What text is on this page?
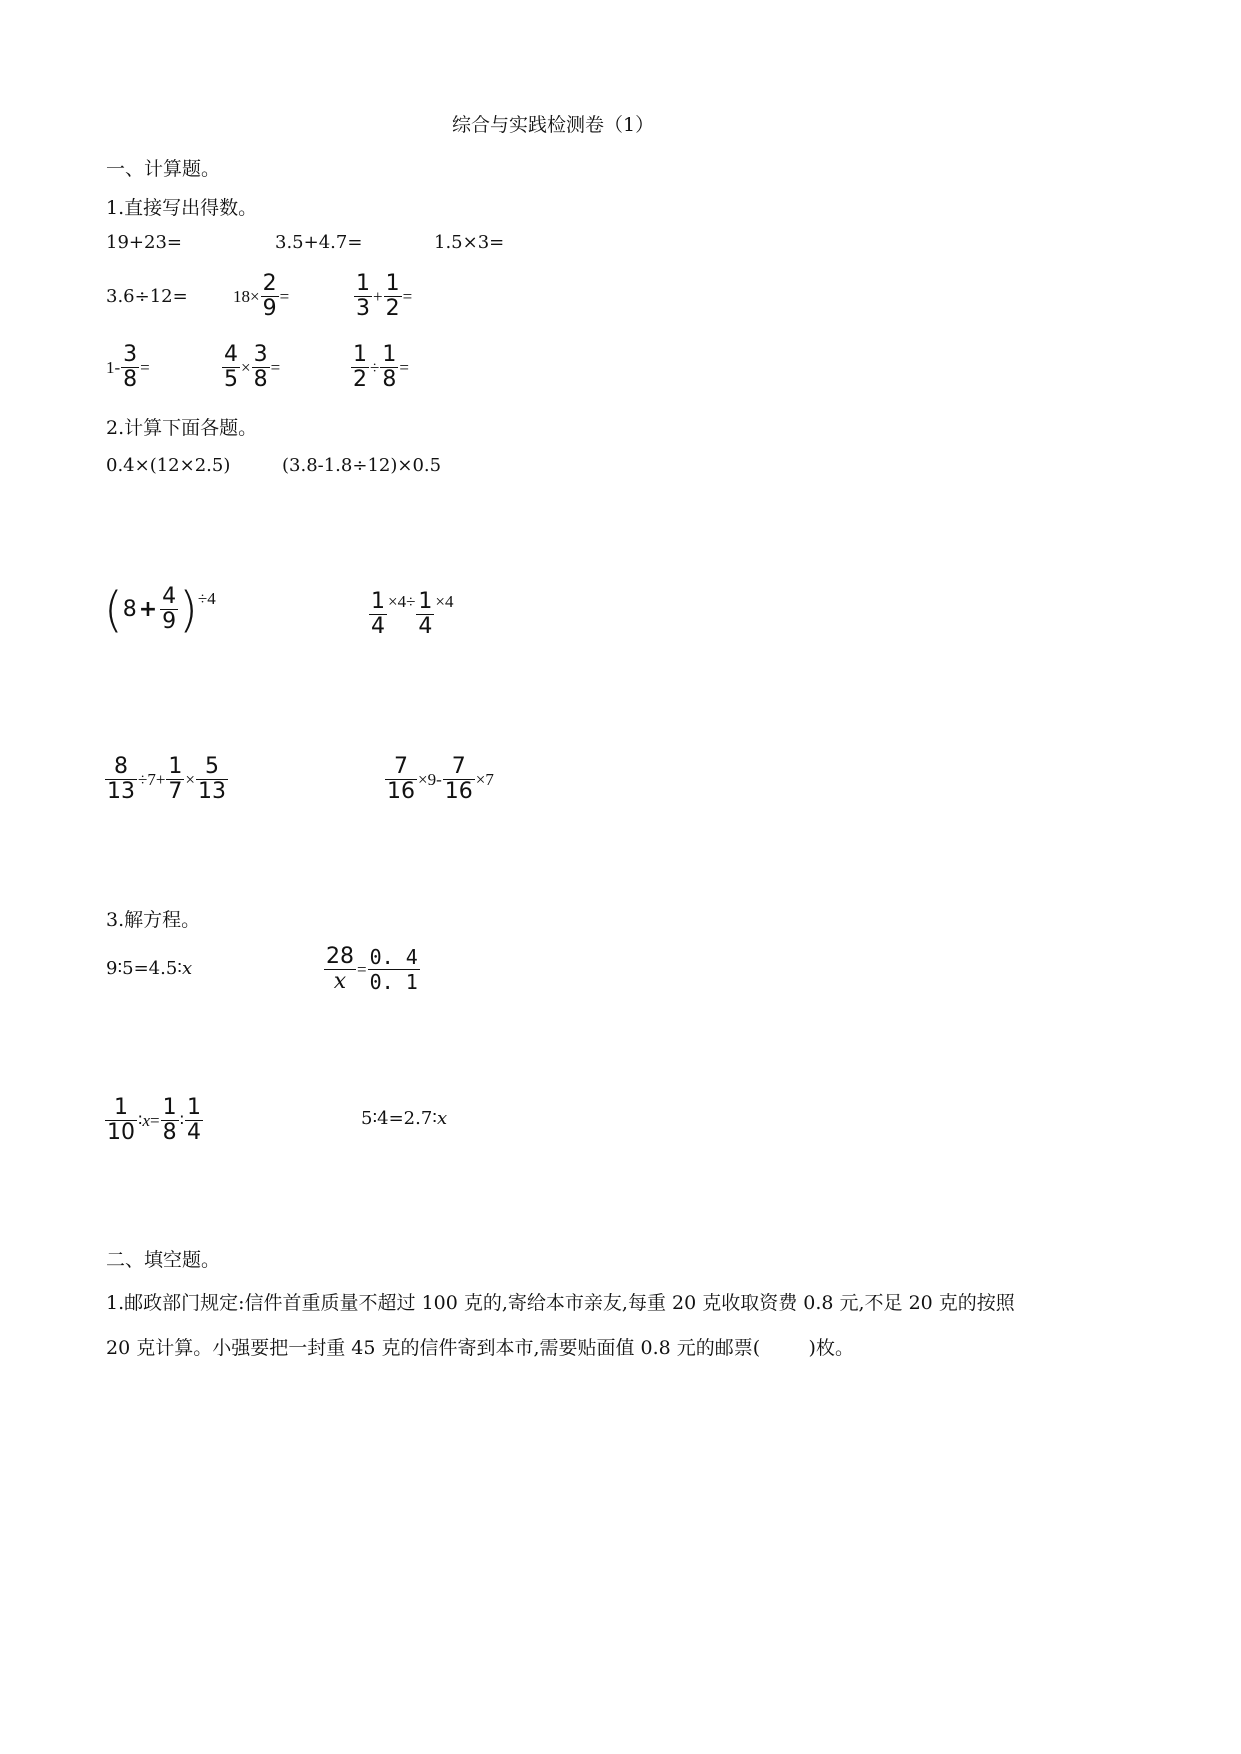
综合与实践检测卷（1）
一、计算题。
1.直接写出得数。
19+23=	3.5+4.7=	1.5×3=
3.6÷12=	$18\times \frac{2}{9}$ =	$\frac{1}{3} + \frac{1}{2}$ =
$1- \frac{3}{8}$ =	$\frac{4}{5} \times \frac{3}{8}$ =	$\frac{1}{2} \div \frac{1}{8}$ =
2.计算下面各题。
0.4×(12×2.5)	(3.8-1.8÷12)×0.5
( $8 + \frac{4}{9}$ ) ÷4	$\frac{1}{4} \times 4\div \frac{1}{4} \times 4$
$\frac{8}{13} \div 7+ \frac{1}{7} \times \frac{5}{13}$	$\frac{7}{16} \times 9- \frac{7}{16} \times 7$
3.解方程。
9∶5=4.5∶x	$\frac{28}{x} = \frac{0. 4}{0. 1}$
$\frac{1}{10}$ ∶ $x = \frac{1}{8}$ ∶ $\frac{1}{4}$	5∶4=2.7∶x
二、填空题。
1.邮政部门规定:信件首重质量不超过 100 克的,寄给本市亲友,每重 20 克收取资费 0.8 元,不足 20 克的按照
20 克计算。小强要把一封重 45 克的信件寄到本市,需要贴面值 0.8 元的邮票(        )枚。
